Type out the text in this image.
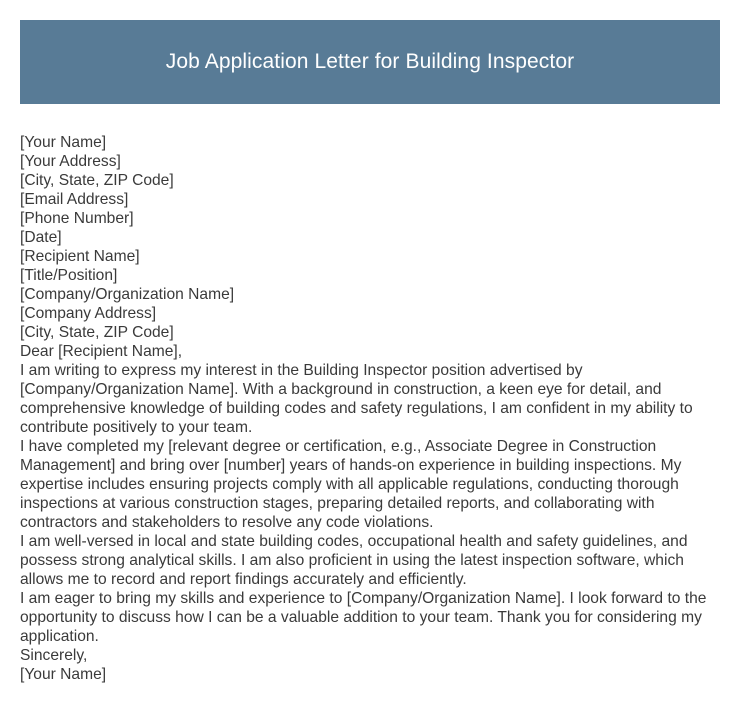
Job Application Letter for Building Inspector
[Your Name]
[Your Address]
[City, State, ZIP Code]
[Email Address]
[Phone Number]
[Date]
[Recipient Name]
[Title/Position]
[Company/Organization Name]
[Company Address]
[City, State, ZIP Code]
Dear [Recipient Name],

I am writing to express my interest in the Building Inspector position advertised by [Company/Organization Name]. With a background in construction, a keen eye for detail, and comprehensive knowledge of building codes and safety regulations, I am confident in my ability to contribute positively to your team.

I have completed my [relevant degree or certification, e.g., Associate Degree in Construction Management] and bring over [number] years of hands-on experience in building inspections. My expertise includes ensuring projects comply with all applicable regulations, conducting thorough inspections at various construction stages, preparing detailed reports, and collaborating with contractors and stakeholders to resolve any code violations.

I am well-versed in local and state building codes, occupational health and safety guidelines, and possess strong analytical skills. I am also proficient in using the latest inspection software, which allows me to record and report findings accurately and efficiently.

I am eager to bring my skills and experience to [Company/Organization Name]. I look forward to the opportunity to discuss how I can be a valuable addition to your team. Thank you for considering my application.

Sincerely,
[Your Name]
